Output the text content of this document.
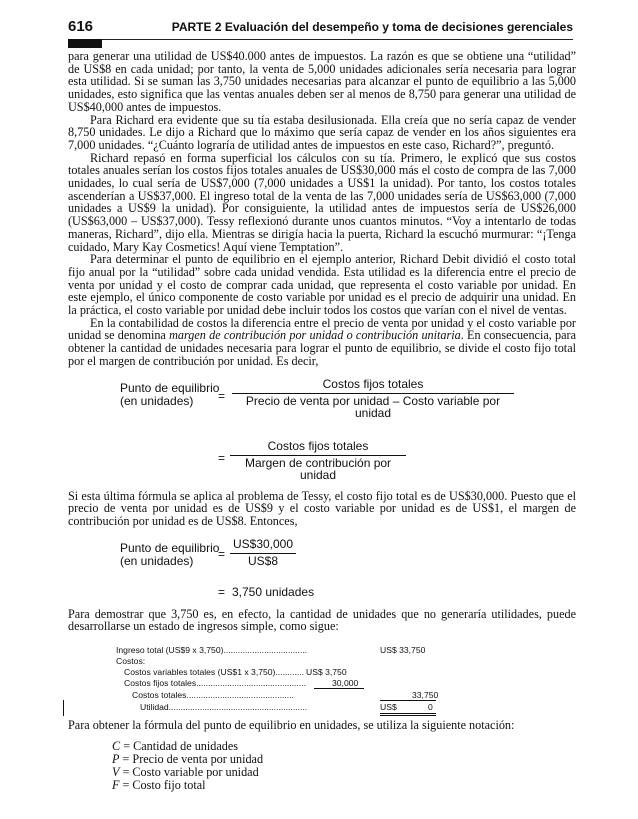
616	PARTE 2 Evaluación del desempeño y toma de decisiones gerenciales

para generar una utilidad de US$40.000 antes de impuestos. La razón es que se obtiene una “utilidad” de US$8 en cada unidad; por tanto, la venta de 5,000 unidades adicionales sería necesaria para lograr esta utilidad. Si se suman las 3,750 unidades necesarias para alcanzar el punto de equilibrio a las 5,000 unidades, esto significa que las ventas anuales deben ser al menos de 8,750 para generar una utilidad de US$40,000 antes de impuestos.

Para Richard era evidente que su tía estaba desilusionada. Ella creía que no sería capaz de vender 8,750 unidades. Le dijo a Richard que lo máximo que sería capaz de vender en los años siguientes era 7,000 unidades. “¿Cuánto lograría de utilidad antes de impuestos en este caso, Richard?”, preguntó.

Richard repasó en forma superficial los cálculos con su tía. Primero, le explicó que sus costos totales anuales serían los costos fijos totales anuales de US$30,000 más el costo de compra de las 7,000 unidades, lo cual sería de US$7,000 (7,000 unidades a US$1 la unidad). Por tanto, los costos totales ascenderían a US$37,000. El ingreso total de la venta de las 7,000 unidades sería de US$63,000 (7,000 unidades a US$9 la unidad). Por consiguiente, la utilidad antes de impuestos sería de US$26,000 (US$63,000 – US$37,000). Tessy reflexionó durante unos cuantos minutos. “Voy a intentarlo de todas maneras, Richard”, dijo ella. Mientras se dirigía hacia la puerta, Richard la escuchó murmurar: “¡Tenga cuidado, Mary Kay Cosmetics! Aquí viene Temptation”.

Para determinar el punto de equilibrio en el ejemplo anterior, Richard Debit dividió el costo total fijo anual por la “utilidad” sobre cada unidad vendida. Esta utilidad es la diferencia entre el precio de venta por unidad y el costo de comprar cada unidad, que representa el costo variable por unidad. En este ejemplo, el único componente de costo variable por unidad es el precio de adquirir una unidad. En la práctica, el costo variable por unidad debe incluir todos los costos que varían con el nivel de ventas.

En la contabilidad de costos la diferencia entre el precio de venta por unidad y el costo variable por unidad se denomina margen de contribución por unidad o contribución unitaria. En consecuencia, para obtener la cantidad de unidades necesaria para lograr el punto de equilibrio, se divide el costo fijo total por el margen de contribución por unidad. Es decir,

Punto de equilibrio
(en unidades)	=
Costos fijos totales
Precio de venta por unidad – Costo variable por unidad
=
Costos fijos totales
Margen de contribución por unidad

Si esta última fórmula se aplica al problema de Tessy, el costo fijo total es de US$30,000. Puesto que el precio de venta por unidad es de US$9 y el costo variable por unidad es de US$1, el margen de contribución por unidad es de US$8. Entonces,

Punto de equilibrio
(en unidades)	=
US$30,000
US$8
= 3,750 unidades

Para demostrar que 3,750 es, en efecto, la cantidad de unidades que no generaría utilidades, puede desarrollarse un estado de ingresos simple, como sigue:

Ingreso total (US$9 x 3,750)...................................	US$ 33,750
Costos:
Costos variables totales (US$1 x 3,750)............ US$ 3,750
Costos fijos totales..............................................	30,000
Costos totales.............................................	33,750
Utilidad..........................................................	US$	0

Para obtener la fórmula del punto de equilibrio en unidades, se utiliza la siguiente notación:

C = Cantidad de unidades
P = Precio de venta por unidad
V = Costo variable por unidad
F = Costo fijo total
